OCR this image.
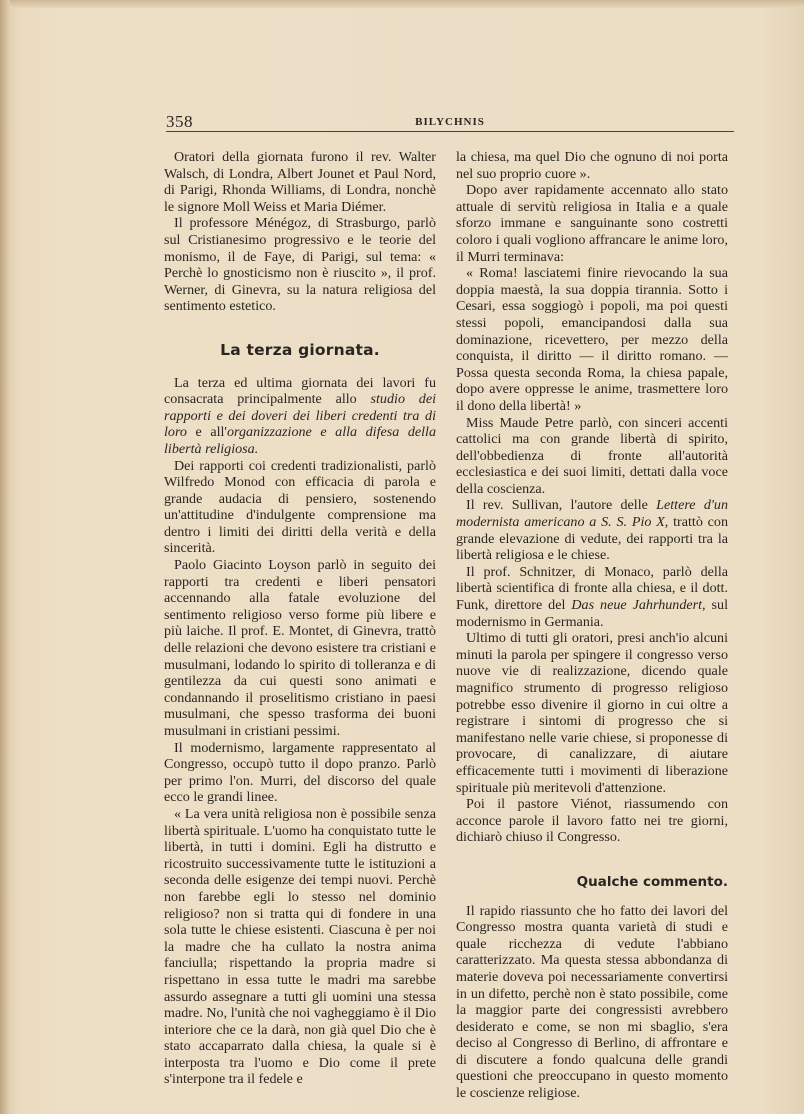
358	BILYCHNIS

Oratori della giornata furono il rev. Walter Walsch, di Londra, Albert Jounet et Paul Nord, di Parigi, Rhonda Williams, di Londra, nonchè le signore Moll Weiss et Maria Diémer.

Il professore Ménégoz, di Strasburgo, parlò sul Cristianesimo progressivo e le teorie del monismo, il de Faye, di Parigi, sul tema: « Perchè lo gnosticismo non è riuscito », il prof. Werner, di Ginevra, su la natura religiosa del sentimento estetico.

La terza giornata.

La terza ed ultima giornata dei lavori fu consacrata principalmente allo studio dei rapporti e dei doveri dei liberi credenti tra di loro e all'organizzazione e alla difesa della libertà religiosa.

Dei rapporti coi credenti tradizionalisti, parlò Wilfredo Monod con efficacia di parola e grande audacia di pensiero, sostenendo un'attitudine d'indulgente comprensione ma dentro i limiti dei diritti della verità e della sincerità.

Paolo Giacinto Loyson parlò in seguito dei rapporti tra credenti e liberi pensatori accennando alla fatale evoluzione del sentimento religioso verso forme più libere e più laiche. Il prof. E. Montet, di Ginevra, trattò delle relazioni che devono esistere tra cristiani e musulmani, lodando lo spirito di tolleranza e di gentilezza da cui questi sono animati e condannando il proselitismo cristiano in paesi musulmani, che spesso trasforma dei buoni musulmani in cristiani pessimi.

Il modernismo, largamente rappresentato al Congresso, occupò tutto il dopo pranzo. Parlò per primo l'on. Murri, del discorso del quale ecco le grandi linee.

« La vera unità religiosa non è possibile senza libertà spirituale. L'uomo ha conquistato tutte le libertà, in tutti i domini. Egli ha distrutto e ricostruito successivamente tutte le istituzioni a seconda delle esigenze dei tempi nuovi. Perchè non farebbe egli lo stesso nel dominio religioso? non si tratta qui di fondere in una sola tutte le chiese esistenti. Ciascuna è per noi la madre che ha cullato la nostra anima fanciulla; rispettando la propria madre si rispettano in essa tutte le madri ma sarebbe assurdo assegnare a tutti gli uomini una stessa madre. No, l'unità che noi vagheggiamo è il Dio interiore che ce la darà, non già quel Dio che è stato accaparrato dalla chiesa, la quale si è interposta tra l'uomo e Dio come il prete s'interpone tra il fedele e

la chiesa, ma quel Dio che ognuno di noi porta nel suo proprio cuore ».

Dopo aver rapidamente accennato allo stato attuale di servitù religiosa in Italia e a quale sforzo immane e sanguinante sono costretti coloro i quali vogliono affrancare le anime loro, il Murri terminava:

« Roma! lasciatemi finire rievocando la sua doppia maestà, la sua doppia tirannia. Sotto i Cesari, essa soggiogò i popoli, ma poi questi stessi popoli, emancipandosi dalla sua dominazione, ricevettero, per mezzo della conquista, il diritto — il diritto romano. — Possa questa seconda Roma, la chiesa papale, dopo avere oppresse le anime, trasmettere loro il dono della libertà! »

Miss Maude Petre parlò, con sinceri accenti cattolici ma con grande libertà di spirito, dell'obbedienza di fronte all'autorità ecclesiastica e dei suoi limiti, dettati dalla voce della coscienza.

Il rev. Sullivan, l'autore delle Lettere d'un modernista americano a S. S. Pio X, trattò con grande elevazione di vedute, dei rapporti tra la libertà religiosa e le chiese.

Il prof. Schnitzer, di Monaco, parlò della libertà scientifica di fronte alla chiesa, e il dott. Funk, direttore del Das neue Jahrhundert, sul modernismo in Germania.

Ultimo di tutti gli oratori, presi anch'io alcuni minuti la parola per spingere il congresso verso nuove vie di realizzazione, dicendo quale magnifico strumento di progresso religioso potrebbe esso divenire il giorno in cui oltre a registrare i sintomi di progresso che si manifestano nelle varie chiese, si proponesse di provocare, di canalizzare, di aiutare efficacemente tutti i movimenti di liberazione spirituale più meritevoli d'attenzione.

Poi il pastore Viénot, riassumendo con acconce parole il lavoro fatto nei tre giorni, dichiarò chiuso il Congresso.

Qualche commento.

Il rapido riassunto che ho fatto dei lavori del Congresso mostra quanta varietà di studi e quale ricchezza di vedute l'abbiano caratterizzato. Ma questa stessa abbondanza di materie doveva poi necessariamente convertirsi in un difetto, perchè non è stato possibile, come la maggior parte dei congressisti avrebbero desiderato e come, se non mi sbaglio, s'era deciso al Congresso di Berlino, di affrontare e di discutere a fondo qualcuna delle grandi questioni che preoccupano in questo momento le coscienze religiose.
